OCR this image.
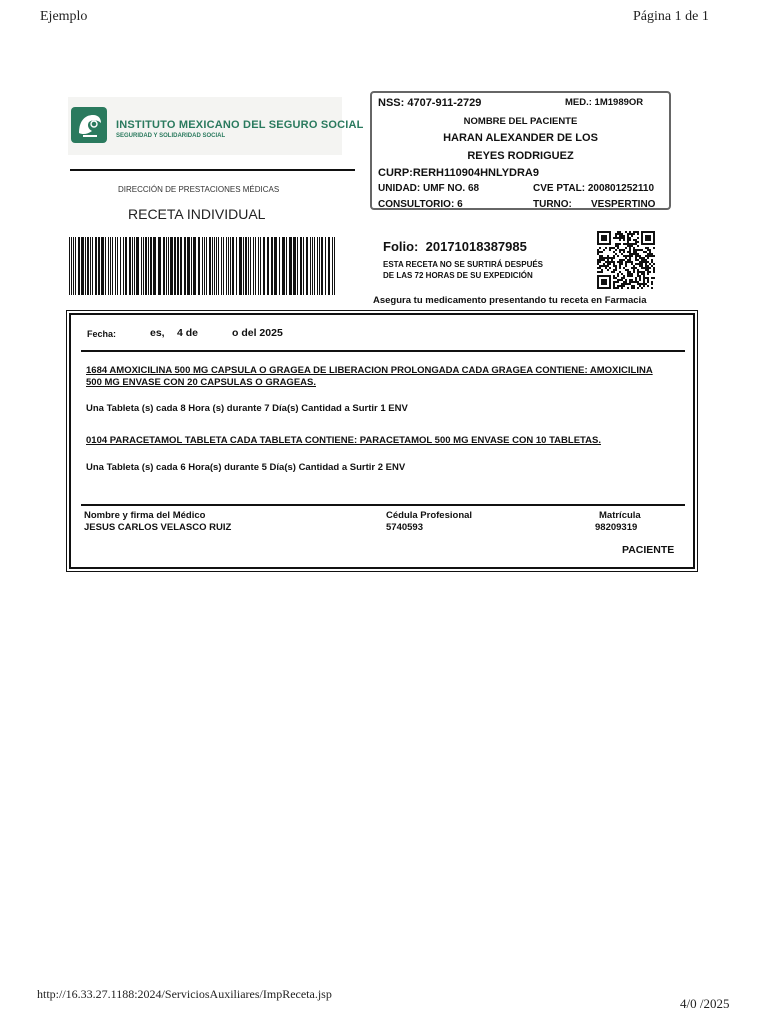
Ejemplo	Página 1 de 1
INSTITUTO MEXICANO DEL SEGURO SOCIAL
SEGURIDAD Y SOLIDARIDAD SOCIAL
DIRECCIÓN DE PRESTACIONES MÉDICAS
RECETA INDIVIDUAL
NSS: 4707-911-2729	MED.: 1M1989OR
NOMBRE DEL PACIENTE
HARAN ALEXANDER DE LOS
REYES RODRIGUEZ
CURP:RERH110904HNLYDRA9
UNIDAD: UMF NO. 68	CVE PTAL: 200801252110
CONSULTORIO: 6	TURNO: VESPERTINO
Folio: 20171018387985
ESTA RECETA NO SE SURTIRÁ DESPUÉS
DE LAS 72 HORAS DE SU EXPEDICIÓN
Asegura tu medicamento presentando tu receta en Farmacia
Fecha:	es, 4 de	o del 2025
1684 AMOXICILINA 500 MG CAPSULA O GRAGEA DE LIBERACION PROLONGADA CADA GRAGEA CONTIENE: AMOXICILINA
500 MG ENVASE CON 20 CAPSULAS O GRAGEAS.
Una Tableta (s) cada 8 Hora (s) durante 7 Día(s) Cantidad a Surtir 1 ENV
0104 PARACETAMOL TABLETA CADA TABLETA CONTIENE: PARACETAMOL 500 MG ENVASE CON 10 TABLETAS.
Una Tableta (s) cada 6 Hora(s) durante 5 Día(s) Cantidad a Surtir 2 ENV
Nombre y firma del Médico
JESUS CARLOS VELASCO RUIZ
Cédula Profesional
5740593
Matrícula
98209319
PACIENTE
http://16.33.27.1188:2024/ServiciosAuxiliares/ImpReceta.jsp
4/0 /2025
